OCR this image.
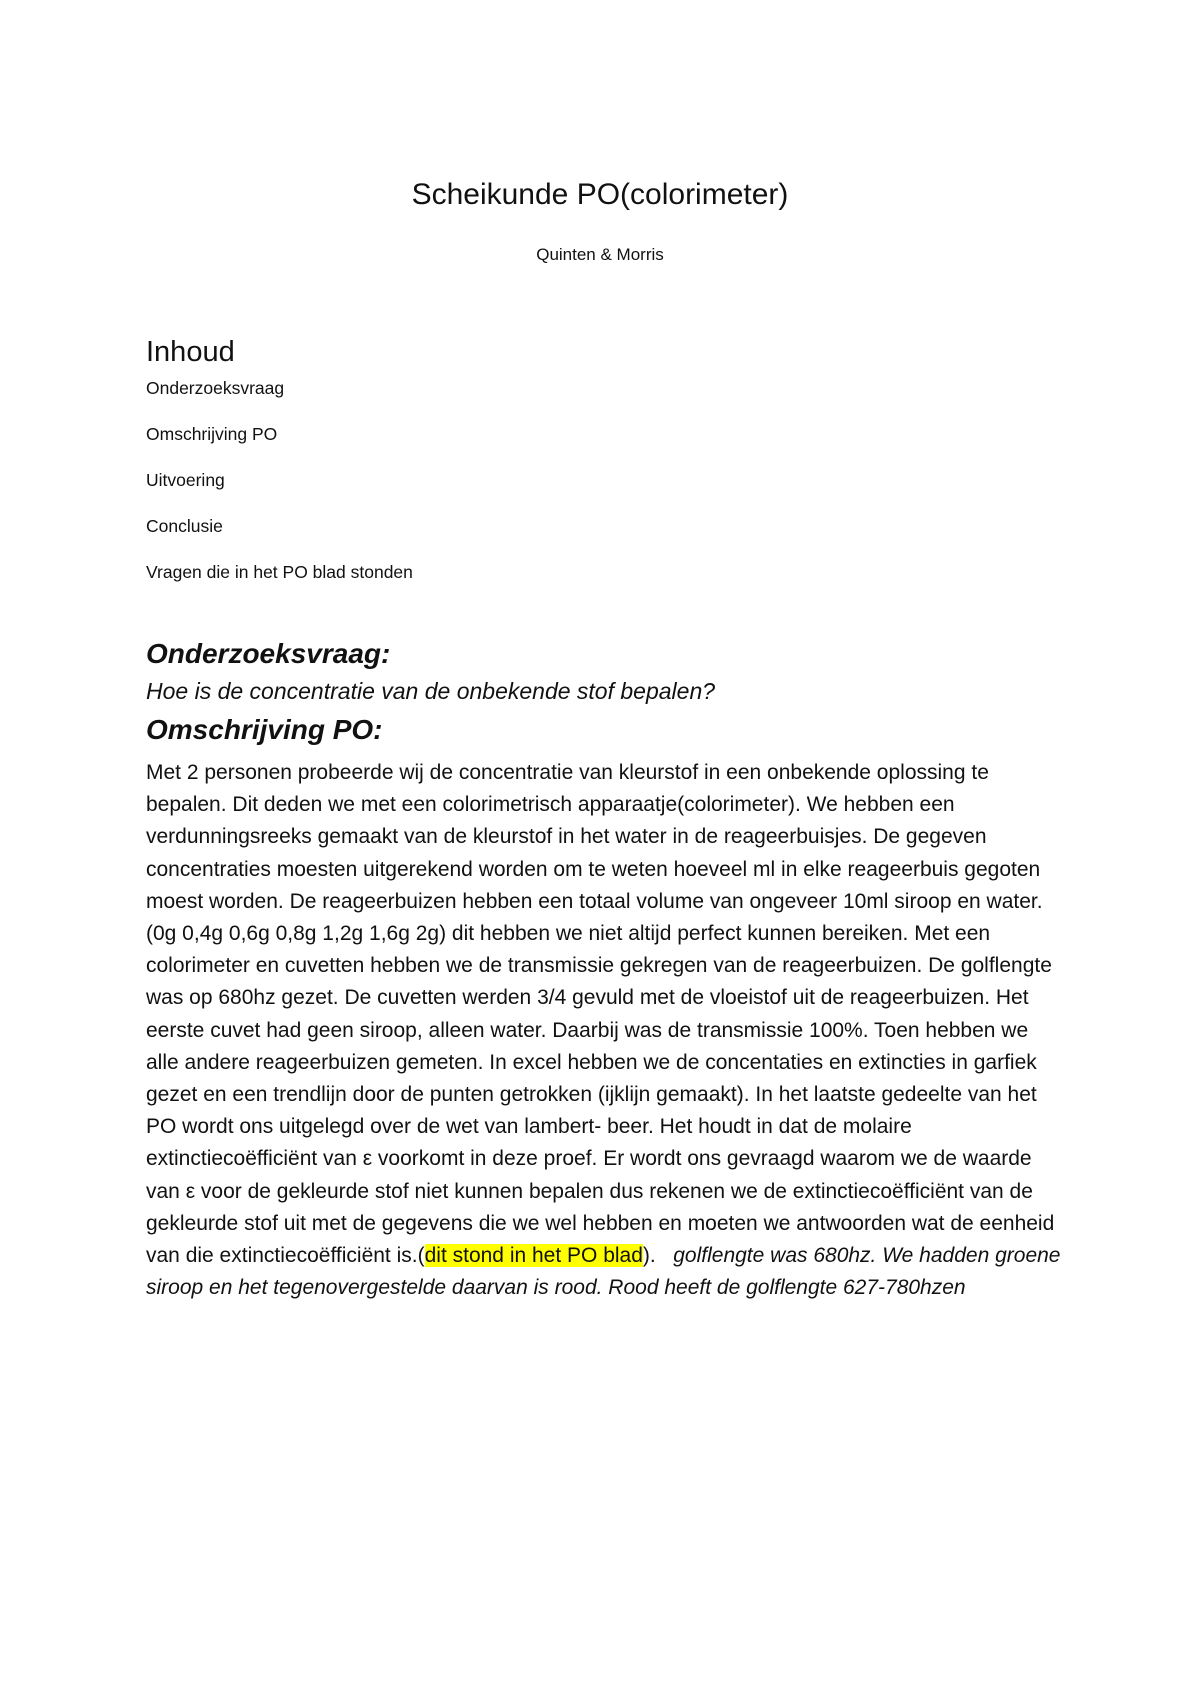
Scheikunde PO(colorimeter)

Quinten & Morris

Inhoud
Onderzoeksvraag
Omschrijving PO
Uitvoering
Conclusie
Vragen die in het PO blad stonden
Onderzoeksvraag:

Hoe is de concentratie van de onbekende stof bepalen?

Omschrijving PO:

Met 2 personen probeerde wij de concentratie van kleurstof in een onbekende oplossing te bepalen. Dit deden we met een colorimetrisch apparaatje(colorimeter). We hebben een verdunningsreeks gemaakt van de kleurstof in het water in de reageerbuisjes. De gegeven concentraties moesten uitgerekend worden om te weten hoeveel ml in elke reageerbuis gegoten moest worden. De reageerbuizen hebben een totaal volume van ongeveer 10ml siroop en water. (0g 0,4g 0,6g 0,8g 1,2g 1,6g 2g) dit hebben we niet altijd perfect kunnen bereiken. Met een colorimeter en cuvetten hebben we de transmissie gekregen van de reageerbuizen. De golflengte was op 680hz gezet. De cuvetten werden 3/4 gevuld met de vloeistof uit de reageerbuizen. Het eerste cuvet had geen siroop, alleen water. Daarbij was de transmissie 100%. Toen hebben we alle andere reageerbuizen gemeten. In excel hebben we de concentaties en extincties in garfiek gezet en een trendlijn door de punten getrokken (ijklijn gemaakt). In het laatste gedeelte van het PO wordt ons uitgelegd over de wet van lambert- beer. Het houdt in dat de molaire extinctiecoëfficiënt van ε voorkomt in deze proef. Er wordt ons gevraagd waarom we de waarde van ε voor de gekleurde stof niet kunnen bepalen dus rekenen we de extinctiecoëfficiënt van de gekleurde stof uit met de gegevens die we wel hebben en moeten we antwoorden wat de eenheid van die extinctiecoëfficiënt is.(dit stond in het PO blad).   golflengte was 680hz. We hadden groene siroop en het tegenovergestelde daarvan is rood. Rood heeft de golflengte 627-780hzen
